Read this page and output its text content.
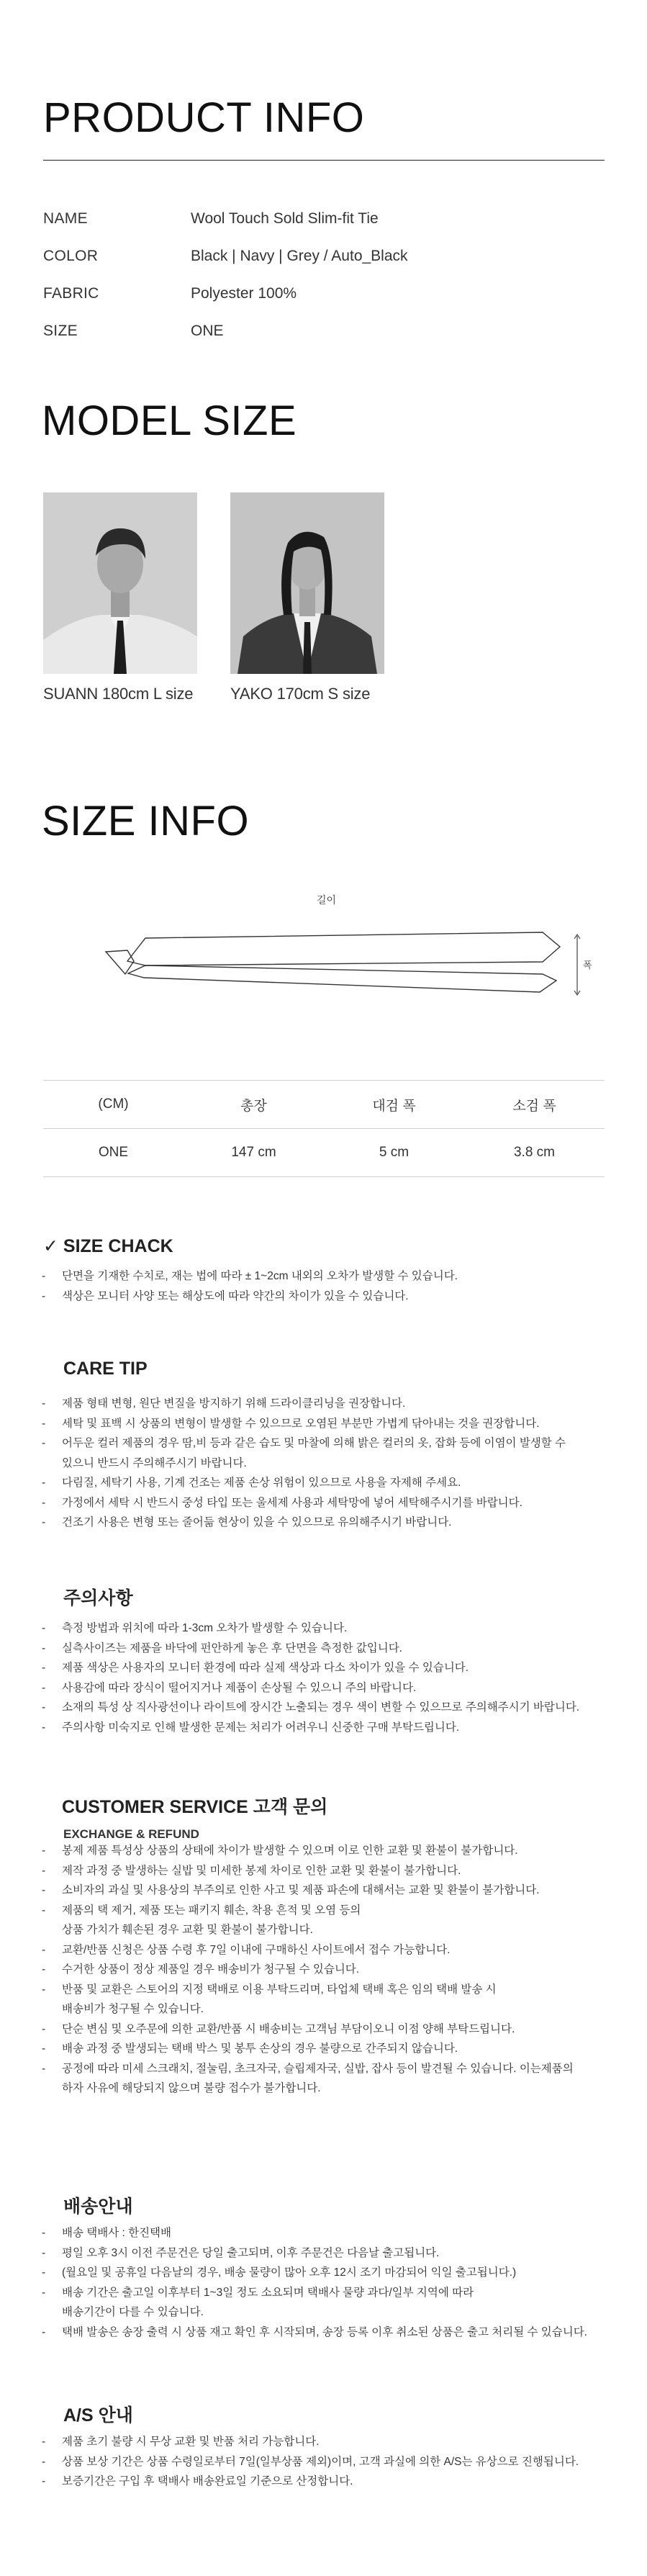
PRODUCT INFO
NAME	Wool Touch Sold Slim-fit Tie
COLOR	Black | Navy | Grey / Auto_Black
FABRIC	Polyester 100%
SIZE	ONE
MODEL SIZE
SUANN 180cm L size YAKO 170cm S size
SIZE INFO
길이
폭
(CM)	총장	대검 폭	소검 폭
ONE	147 cm	5 cm	3.8 cm
✓ SIZE CHACK
- 단면을 기재한 수치로, 재는 법에 따라 ± 1~2cm 내외의 오차가 발생할 수 있습니다.
- 색상은 모니터 사양 또는 해상도에 따라 약간의 차이가 있을 수 있습니다.
CARE TIP
- 제품 형태 변형, 원단 변질을 방지하기 위해 드라이클리닝을 권장합니다.
- 세탁 및 표백 시 상품의 변형이 발생할 수 있으므로 오염된 부분만 가볍게 닦아내는 것을 권장합니다.
- 어두운 컬러 제품의 경우 땀,비 등과 같은 습도 및 마찰에 의해 밝은 컬러의 옷, 잡화 등에 이염이 발생할 수
있으니 반드시 주의해주시기 바랍니다.
- 다림질, 세탁기 사용, 기계 건조는 제품 손상 위험이 있으므로 사용을 자제해 주세요.
- 가정에서 세탁 시 반드시 중성 타입 또는 울세제 사용과 세탁망에 넣어 세탁해주시기를 바랍니다.
- 건조기 사용은 변형 또는 줄어듦 현상이 있을 수 있으므로 유의해주시기 바랍니다.
주의사항
- 측정 방법과 위치에 따라 1-3cm 오차가 발생할 수 있습니다.
- 실측사이즈는 제품을 바닥에 펀안하게 놓은 후 단면을 측정한 값입니다.
- 제품 색상은 사용자의 모니터 환경에 따라 실제 색상과 다소 차이가 있을 수 있습니다.
- 사용감에 따라 장식이 떨어지거나 제품이 손상될 수 있으니 주의 바랍니다.
- 소재의 특성 상 직사광선이나 라이트에 장시간 노출되는 경우 색이 변할 수 있으므로 주의해주시기 바랍니다.
- 주의사항 미숙지로 인해 발생한 문제는 처리가 어려우니 신중한 구매 부탁드립니다.
CUSTOMER SERVICE 고객 문의
EXCHANGE & REFUND
- 봉제 제품 특성상 상품의 상태에 차이가 발생할 수 있으며 이로 인한 교환 및 환불이 불가합니다.
- 제작 과정 중 발생하는 실밥 및 미세한 봉제 차이로 인한 교환 및 환불이 불가합니다.
- 소비자의 과실 및 사용상의 부주의로 인한 사고 및 제품 파손에 대해서는 교환 및 환불이 불가합니다.
- 제품의 택 제거, 제품 또는 패키지 훼손, 착용 흔적 및 오염 등의
상품 가치가 훼손된 경우 교환 및 환불이 불가합니다.
- 교환/반품 신청은 상품 수령 후 7일 이내에 구매하신 사이트에서 접수 가능합니다.
- 수거한 상품이 정상 제품일 경우 배송비가 청구될 수 있습니다.
- 반품 및 교환은 스토어의 지정 택배로 이용 부탁드리며, 타업체 택배 혹은 임의 택배 발송 시
배송비가 청구될 수 있습니다.
- 단순 변심 및 오주문에 의한 교환/반품 시 배송비는 고객님 부담이오니 이점 양해 부탁드립니다.
- 배송 과정 중 발생되는 택배 박스 및 봉투 손상의 경우 불량으로 간주되지 않습니다.
- 공정에 따라 미세 스크래치, 절눌림, 초크자국, 슬립제자국, 실밥, 잡사 등이 발견될 수 있습니다. 이는제품의
하자 사유에 해당되지 않으며 불량 접수가 불가합니다.
배송안내
- 배송 택배사 : 한진택배
- 평일 오후 3시 이전 주문건은 당일 출고되며, 이후 주문건은 다음날 출고됩니다.
- (월요일 및 공휴일 다음날의 경우, 배송 물량이 많아 오후 12시 조기 마감되어 익일 출고됩니다.)
- 배송 기간은 출고일 이후부터 1~3일 정도 소요되며 택배사 물량 과다/일부 지역에 따라
배송기간이 다를 수 있습니다.
- 택배 발송은 송장 출력 시 상품 재고 확인 후 시작되며, 송장 등록 이후 취소된 상품은 출고 처리될 수 있습니다.
A/S 안내
- 제품 초기 불량 시 무상 교환 및 반품 처리 가능합니다.
- 상품 보상 기간은 상품 수령일로부터 7일(일부상품 제외)이며, 고객 과실에 의한 A/S는 유상으로 진행됩니다.
- 보증기간은 구입 후 택배사 배송완료일 기준으로 산정합니다.
